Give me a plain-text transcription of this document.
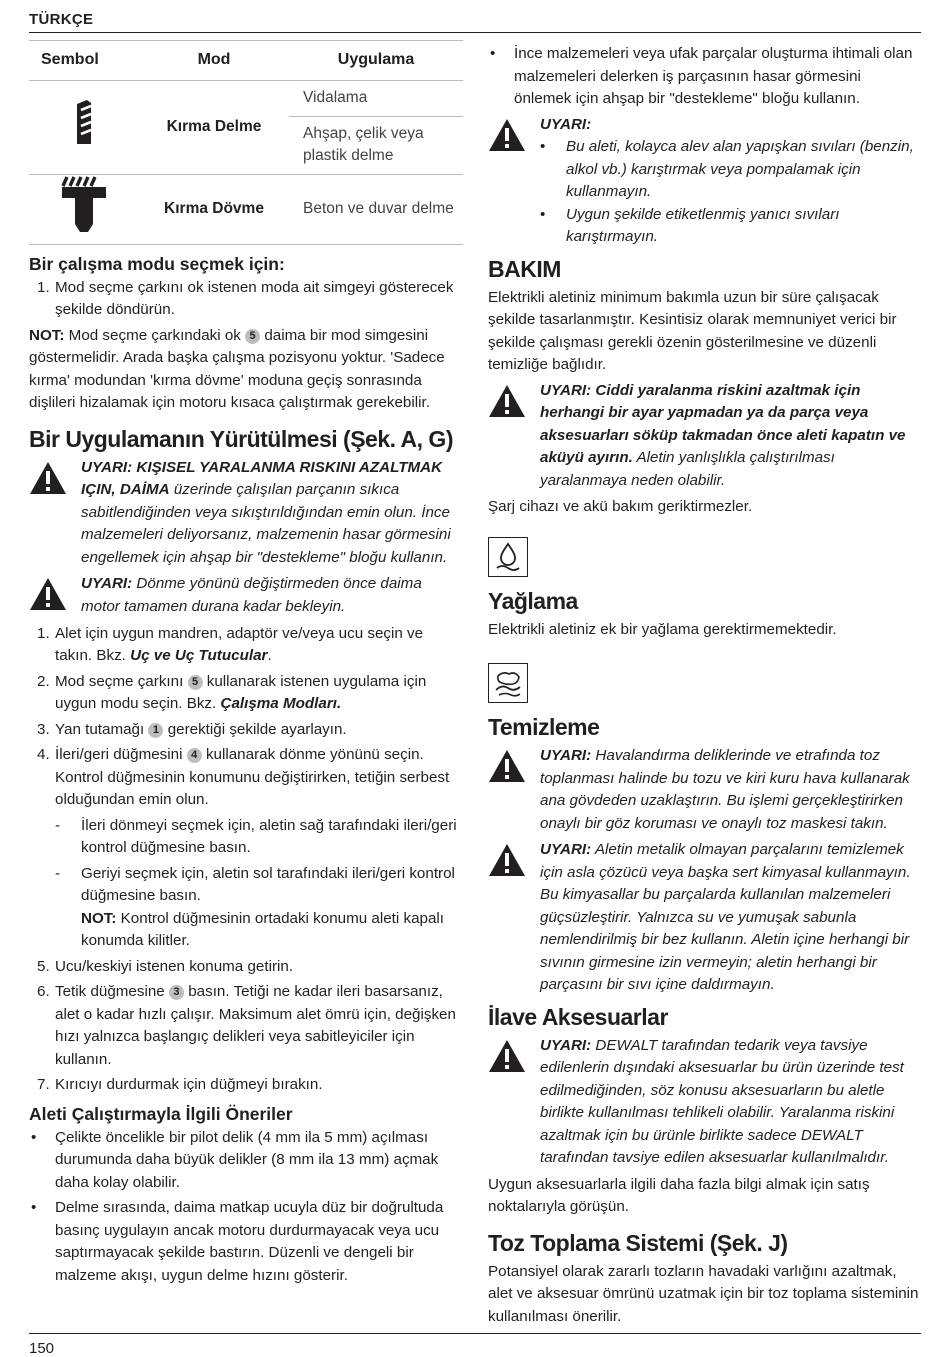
TÜRKÇE
Sembol	Mod	Uygulama
	Kırma Delme	Vidalama
		Ahşap, çelik veya plastik delme
	Kırma Dövme	Beton ve duvar delme
Bir çalışma modu seçmek için:
1. Mod seçme çarkını ok istenen moda ait simgeyi gösterecek şekilde döndürün.

NOT: Mod seçme çarkındaki ok 5 daima bir mod simgesini göstermelidir. Arada başka çalışma pozisyonu yoktur. 'Sadece kırma' modundan 'kırma dövme' moduna geçiş sonrasında dişlileri hizalamak için motoru kısaca çalıştırmak gerekebilir.

Bir Uygulamanın Yürütülmesi (Şek. A, G)
UYARI: KIŞISEL YARALANMA RISKINI AZALTMAK IÇIN, DAİMA üzerinde çalışılan parçanın sıkıca sabitlendiğinden veya sıkıştırıldığından emin olun. İnce malzemeleri deliyorsanız, malzemenin hasar görmesini engellemek için ahşap bir "destekleme" bloğu kullanın.
UYARI: Dönme yönünü değiştirmeden önce daima motor tamamen durana kadar bekleyin.
1. Alet için uygun mandren, adaptör ve/veya ucu seçin ve takın. Bkz. Uç ve Uç Tutucular.
2. Mod seçme çarkını 5 kullanarak istenen uygulama için uygun modu seçin. Bkz. Çalışma Modları.
3. Yan tutamağı 1 gerektiği şekilde ayarlayın.
4. İleri/geri düğmesini 4 kullanarak dönme yönünü seçin. Kontrol düğmesinin konumunu değiştirirken, tetiğin serbest olduğundan emin olun.
-	İleri dönmeyi seçmek için, aletin sağ tarafındaki ileri/geri kontrol düğmesine basın.
-	Geriyi seçmek için, aletin sol tarafındaki ileri/geri kontrol düğmesine basın.
NOT: Kontrol düğmesinin ortadaki konumu aleti kapalı konumda kilitler.
5. Ucu/keskiyi istenen konuma getirin.
6. Tetik düğmesine 3 basın. Tetiği ne kadar ileri basarsanız, alet o kadar hızlı çalışır. Maksimum alet ömrü için, değişken hızı yalnızca başlangıç delikleri veya sabitleyiciler için kullanın.
7. Kırıcıyı durdurmak için düğmeyi bırakın.
Aleti Çalıştırmayla İlgili Öneriler
•	Çelikte öncelikle bir pilot delik (4 mm ila 5 mm) açılması durumunda daha büyük delikler (8 mm ila 13 mm) açmak daha kolay olabilir.
•	Delme sırasında, daima matkap ucuyla düz bir doğrultuda basınç uygulayın ancak motoru durdurmayacak veya ucu saptırmayacak şekilde bastırın. Düzenli ve dengeli bir malzeme akışı, uygun delme hızını gösterir.
•	İnce malzemeleri veya ufak parçalar oluşturma ihtimali olan malzemeleri delerken iş parçasının hasar görmesini önlemek için ahşap bir "destekleme" bloğu kullanın.
UYARI:
•	Bu aleti, kolayca alev alan yapışkan sıvıları (benzin, alkol vb.) karıştırmak veya pompalamak için kullanmayın.
•	Uygun şekilde etiketlenmiş yanıcı sıvıları karıştırmayın.
BAKIM

Elektrikli aletiniz minimum bakımla uzun bir süre çalışacak şekilde tasarlanmıştır. Kesintisiz olarak memnuniyet verici bir şekilde çalışması gerekli özenin gösterilmesine ve düzenli temizliğe bağlıdır.

UYARI: Ciddi yaralanma riskini azaltmak için herhangi bir ayar yapmadan ya da parça veya aksesuarları söküp takmadan önce aleti kapatın ve aküyü ayırın. Aletin yanlışlıkla çalıştırılması yaralanmaya neden olabilir.

Şarj cihazı ve akü bakım geriktirmezler.

Yağlama

Elektrikli aletiniz ek bir yağlama gerektirmemektedir.

Temizleme
UYARI: Havalandırma deliklerinde ve etrafında toz toplanması halinde bu tozu ve kiri kuru hava kullanarak ana gövdeden uzaklaştırın. Bu işlemi gerçekleştirirken onaylı bir göz koruması ve onaylı toz maskesi takın.
UYARI: Aletin metalik olmayan parçalarını temizlemek için asla çözücü veya başka sert kimyasal kullanmayın. Bu kimyasallar bu parçalarda kullanılan malzemeleri güçsüzleştirir. Yalnızca su ve yumuşak sabunla nemlendirilmiş bir bez kullanın. Aletin içine herhangi bir sıvının girmesine izin vermeyin; aletin herhangi bir parçasını bir sıvı içine daldırmayın.
İlave Aksesuarlar
UYARI: DEWALT tarafından tedarik veya tavsiye edilenlerin dışındaki aksesuarlar bu ürün üzerinde test edilmediğinden, söz konusu aksesuarların bu aletle birlikte kullanılması tehlikeli olabilir. Yaralanma riskini azaltmak için bu ürünle birlikte sadece DEWALT tarafından tavsiye edilen aksesuarlar kullanılmalıdır.

Uygun aksesuarlarla ilgili daha fazla bilgi almak için satış noktalarıyla görüşün.

Toz Toplama Sistemi (Şek. J)

Potansiyel olarak zararlı tozların havadaki varlığını azaltmak, alet ve aksesuar ömrünü uzatmak için bir toz toplama sisteminin kullanılması önerilir.

150
